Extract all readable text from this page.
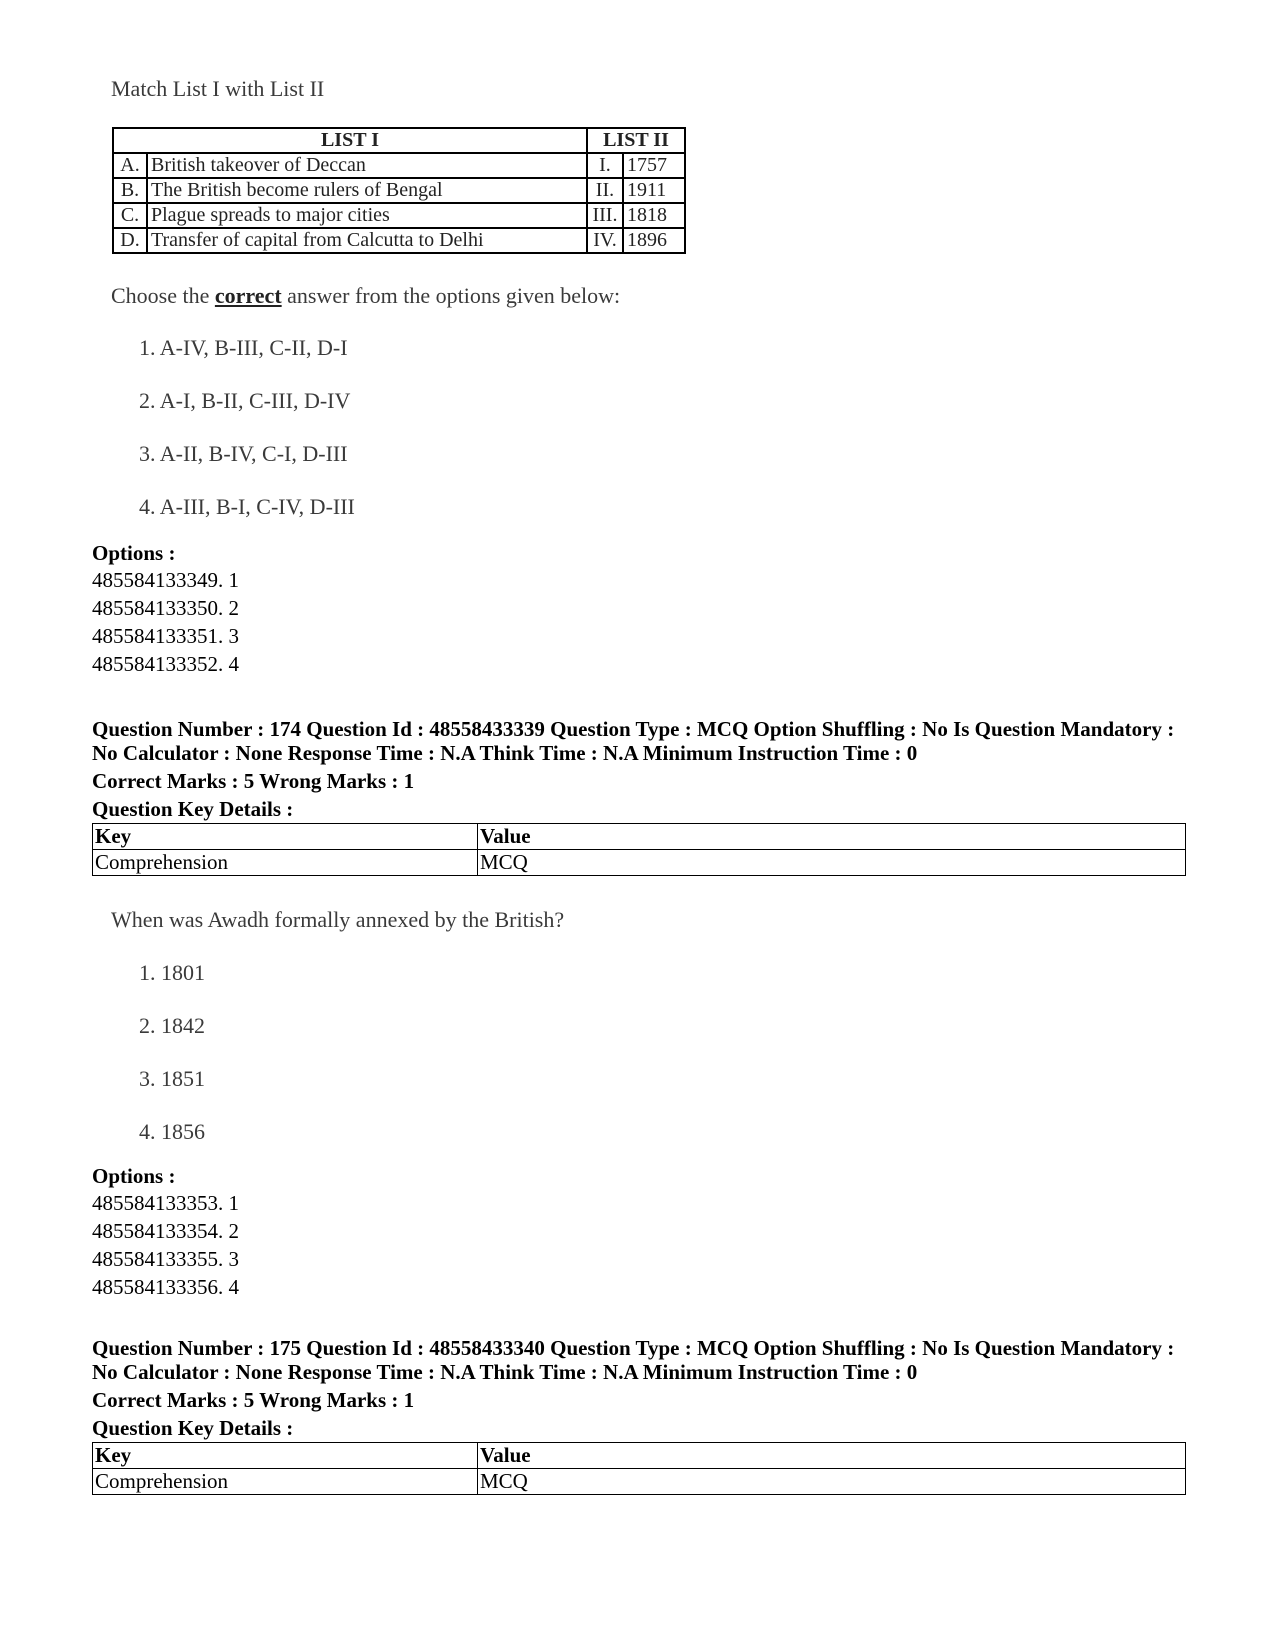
Match List I with List II
LIST I		LIST II	
A.	British takeover of Deccan	I.	1757
B.	The British become rulers of Bengal	II.	1911
C.	Plague spreads to major cities	III.	1818
D.	Transfer of capital from Calcutta to Delhi	IV.	1896
Choose the correct answer from the options given below:
1. A-IV, B-III, C-II, D-I
2. A-I, B-II, C-III, D-IV
3. A-II, B-IV, C-I, D-III
4. A-III, B-I, C-IV, D-III
Options :
485584133349. 1
485584133350. 2
485584133351. 3
485584133352. 4
Question Number : 174 Question Id : 48558433339 Question Type : MCQ Option Shuffling : No Is Question Mandatory :
No Calculator : None Response Time : N.A Think Time : N.A Minimum Instruction Time : 0
Correct Marks : 5 Wrong Marks : 1
Question Key Details :
Key	Value
Comprehension	MCQ
When was Awadh formally annexed by the British?
1. 1801
2. 1842
3. 1851
4. 1856
Options :
485584133353. 1
485584133354. 2
485584133355. 3
485584133356. 4
Question Number : 175 Question Id : 48558433340 Question Type : MCQ Option Shuffling : No Is Question Mandatory :
No Calculator : None Response Time : N.A Think Time : N.A Minimum Instruction Time : 0
Correct Marks : 5 Wrong Marks : 1
Question Key Details :
Key	Value
Comprehension	MCQ
